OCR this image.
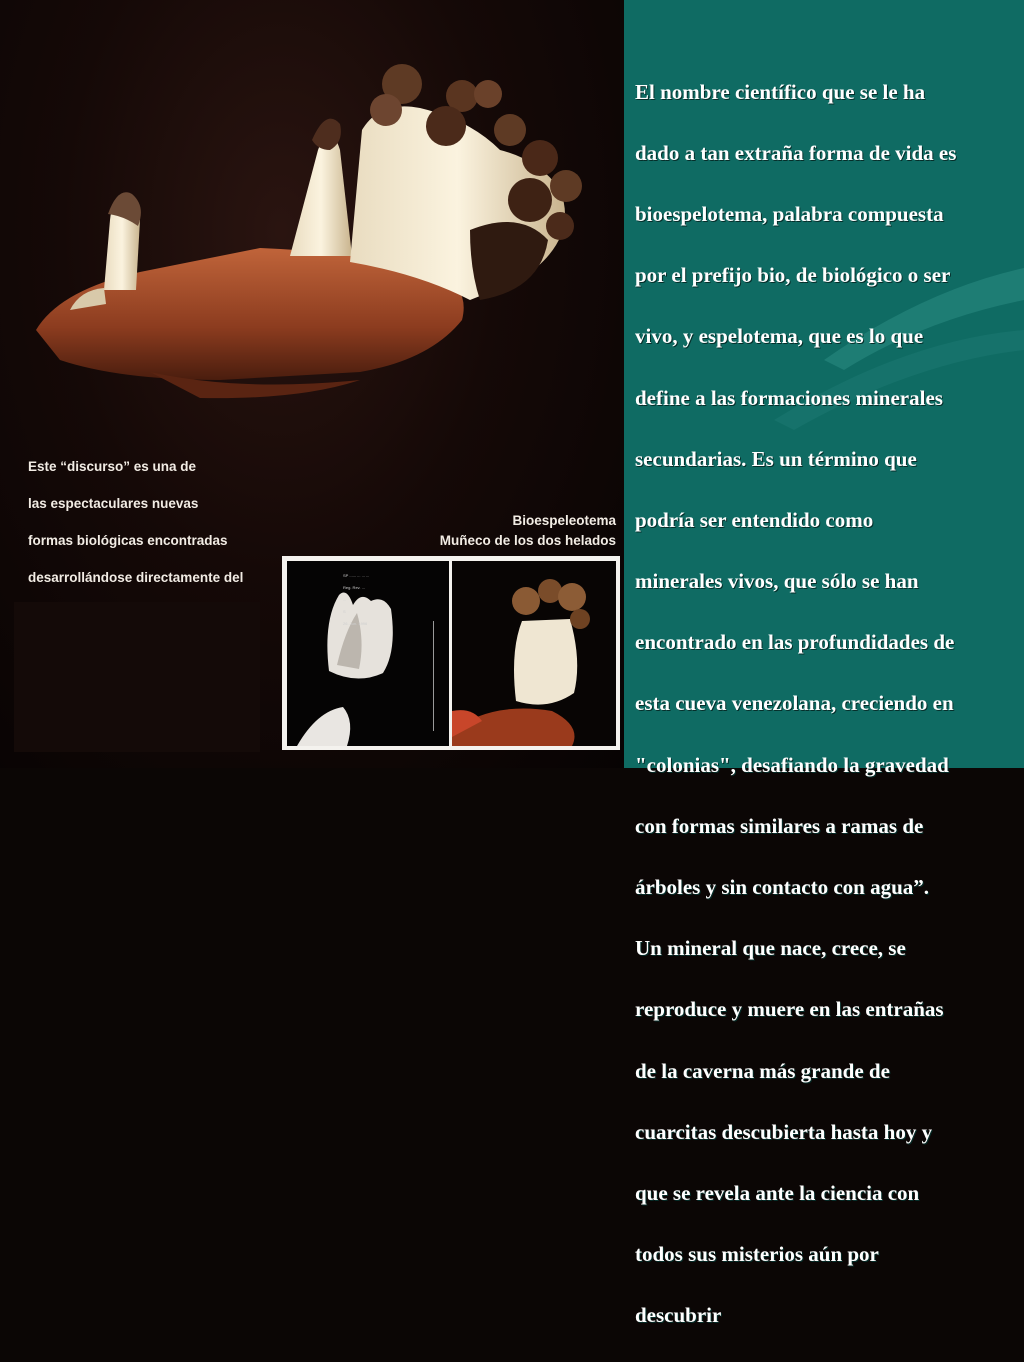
Este “discurso” es una de

las espectaculares nuevas

formas biológicas encontradas

desarrollándose directamente del

Bioespeleotema
Muñeco de los dos helados

SP ...... ... ... ...

Reg. Rev. ...

...

S

26. Jun. 1996

El nombre científico que se le ha

dado a tan extraña forma de vida es

bioespelotema, palabra compuesta

por el prefijo bio, de biológico o ser

vivo, y espelotema, que es lo que

define a las formaciones minerales

secundarias. Es un término que

podría ser entendido como

minerales vivos, que sólo se han

encontrado en las profundidades de

esta cueva venezolana, creciendo en

"colonias", desafiando la gravedad

con formas similares a ramas de

árboles y sin contacto con agua”.

Un mineral que nace, crece, se

reproduce y muere en las entrañas

de la caverna más grande de

cuarcitas descubierta hasta hoy y

que se revela ante la ciencia con

todos sus misterios aún por

descubrir
